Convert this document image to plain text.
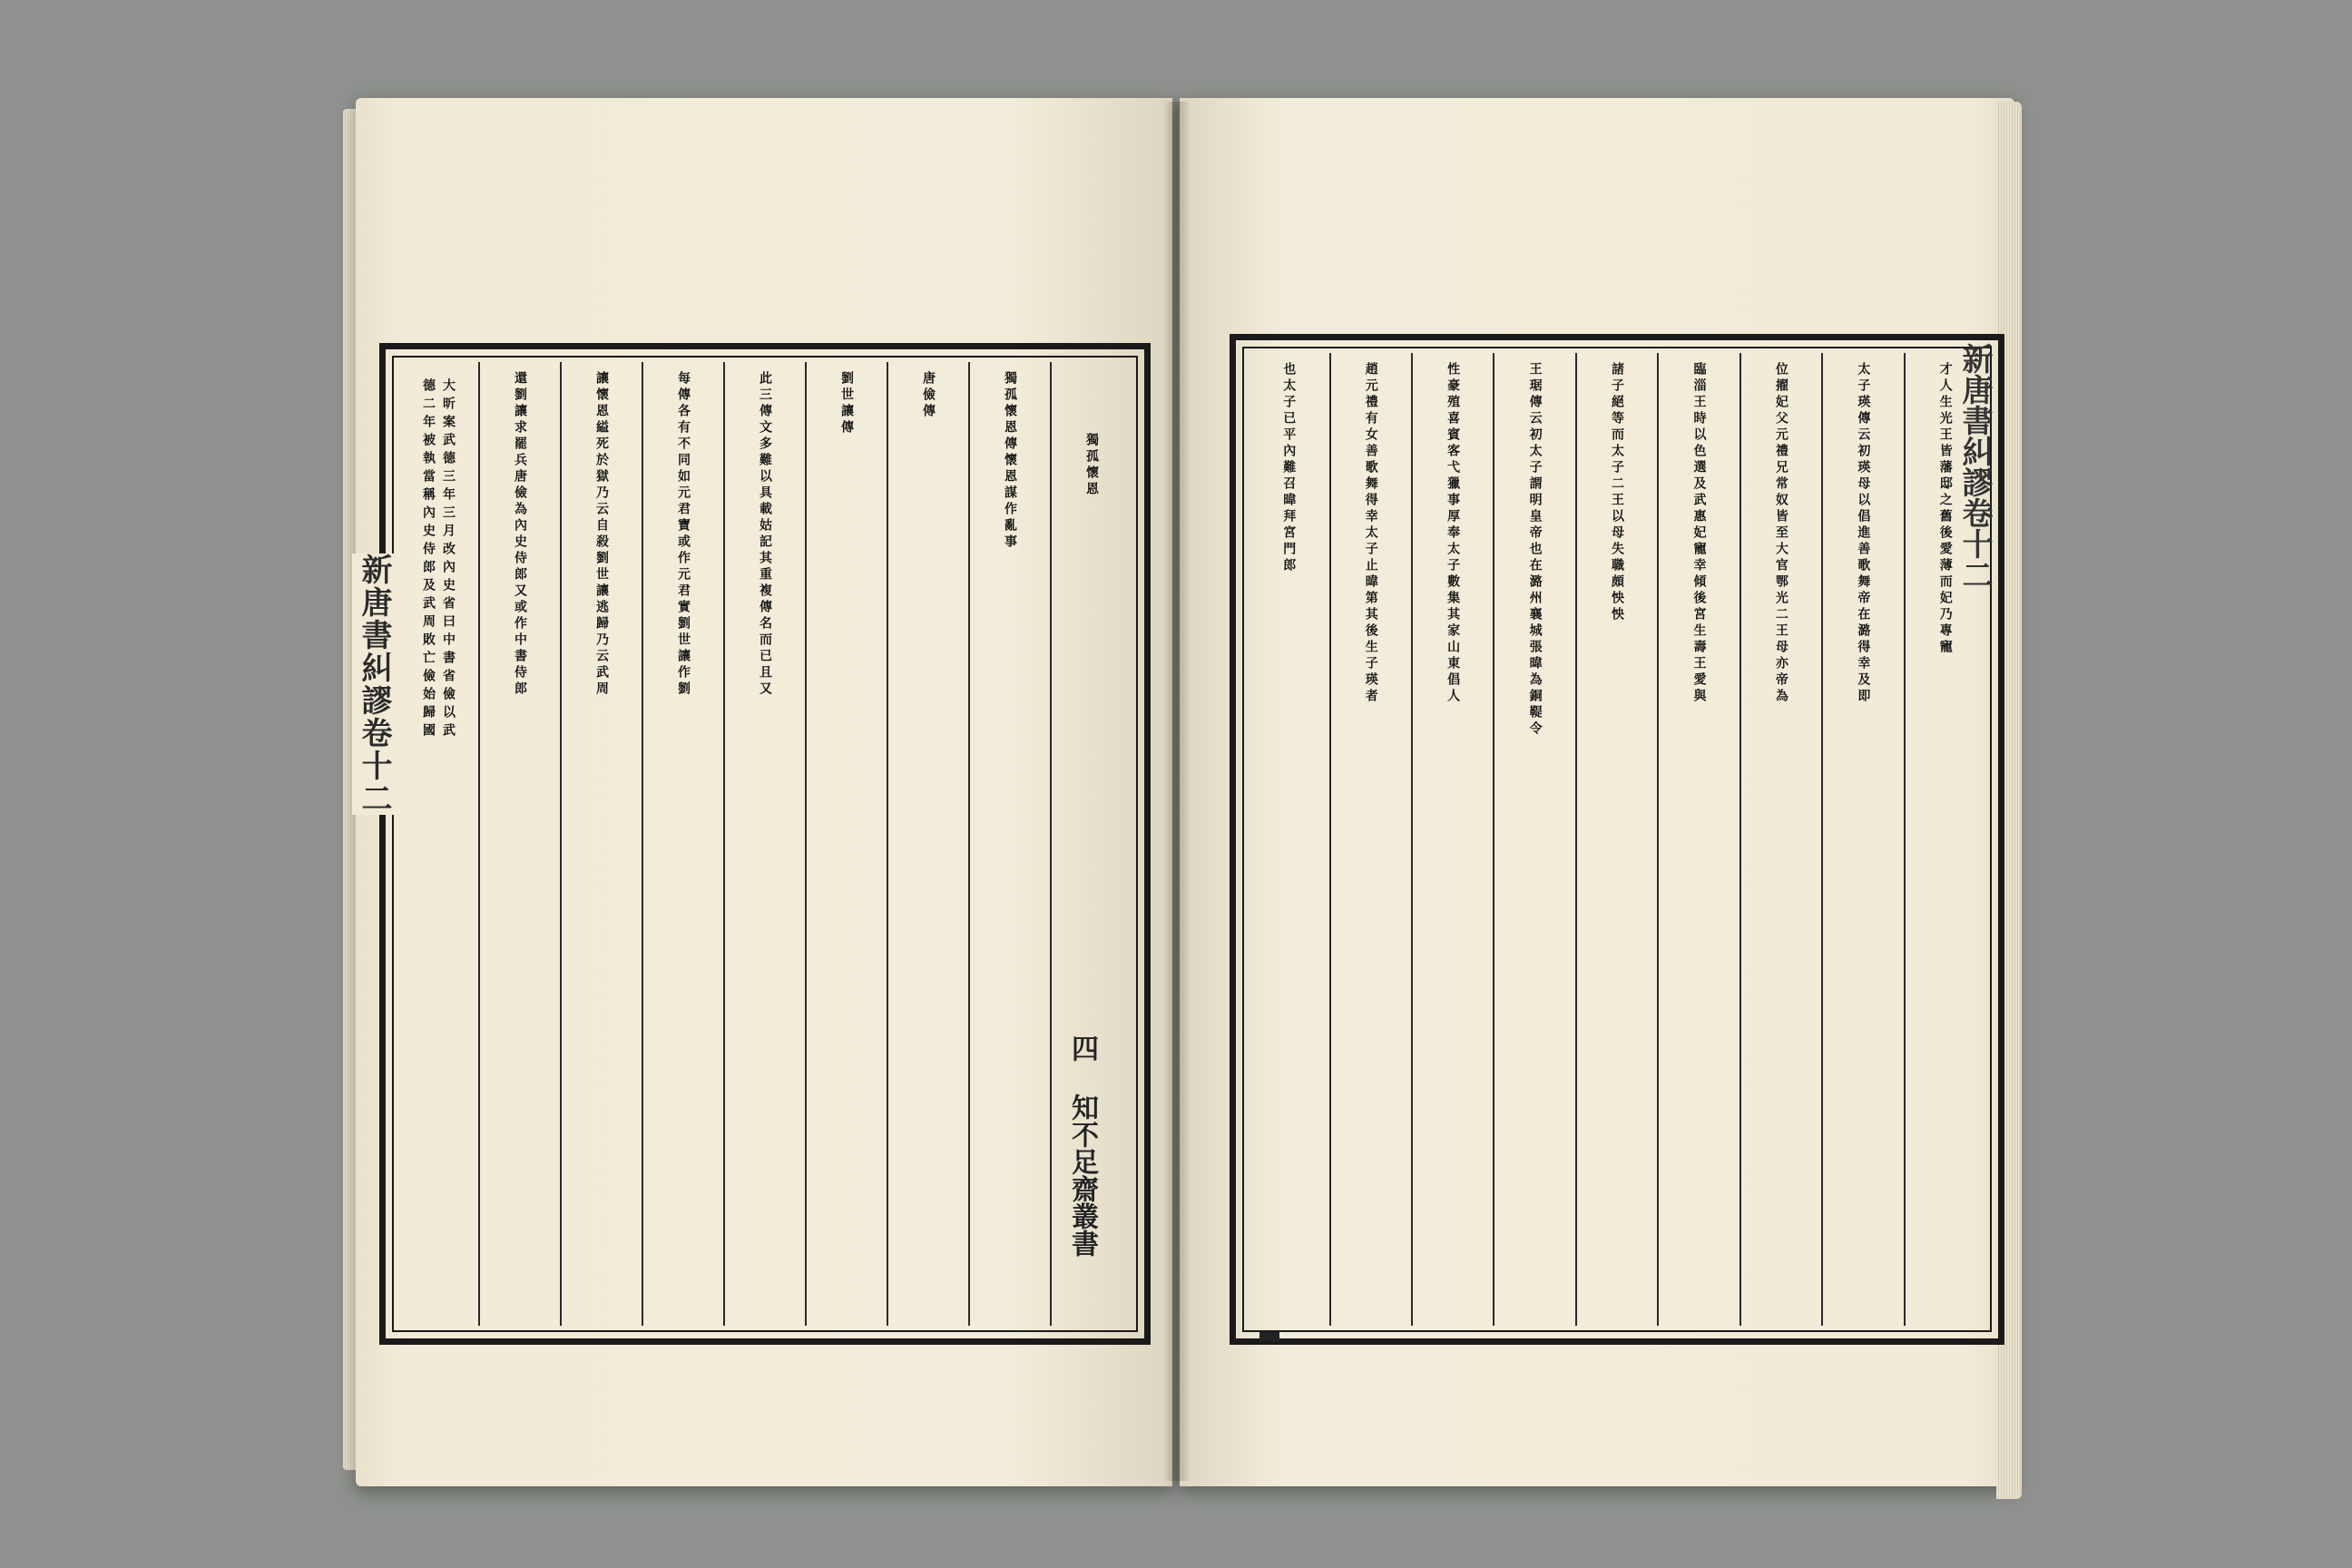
獨孤懷恩
獨孤懷恩傳懷恩謀作亂事
唐儉傳
劉世讓傳
此三傳文多難以具載姑記其重複傳名而已且又
每傳各有不同如元君寶或作元君實劉世讓作劉
讓懷恩縊死於獄乃云自殺劉世讓逃歸乃云武周
還劉讓求罷兵唐儉為內史侍郎又或作中書侍郎
大昕案武德三年三月改內史省曰中書省儉以武
德二年被執當稱內史侍郎及武周敗亡儉始歸國
新唐書糾謬卷十二
四 知不足齋叢書
才人生光王皆藩邸之舊後愛薄而妃乃專寵
太子瑛傳云初瑛母以倡進善歌舞帝在潞得幸及即
位擢妃父元禮兄常奴皆至大官鄂光二王母亦帝為
臨淄王時以色選及武惠妃寵幸傾後宮生壽王愛與
諸子絕等而太子二王以母失職頗怏怏
王琚傳云初太子謂明皇帝也在潞州襄城張暐為銅鞮令
性豪殖喜賓客弋獵事厚奉太子數集其家山東倡人
趙元禮有女善歌舞得幸太子止暐第其後生子瑛者
也太子已平內難召暐拜宮門郎	新唐書糾謬卷十二
